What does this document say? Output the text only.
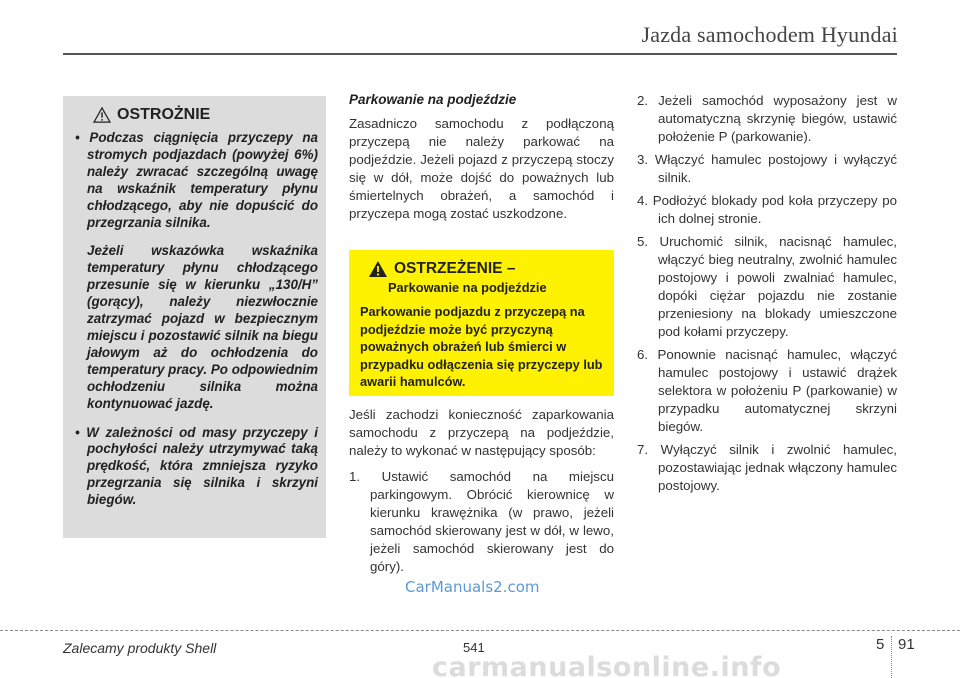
Jazda samochodem Hyundai
OSTROŻNIE

• Podczas ciągnięcia przyczepy na stromych podjazdach (powyżej 6%) należy zwracać szczególną uwagę na wskaźnik temperatury płynu chłodzącego, aby nie dopuścić do przegrzania silnika.

Jeżeli wskazówka wskaźnika temperatury płynu chłodzącego przesunie się w kierunku „130/H” (gorący), należy niezwłocznie zatrzymać pojazd w bezpiecznym miejscu i pozostawić silnik na biegu jałowym aż do ochłodzenia do temperatury pracy. Po odpowiednim ochłodzeniu silnika można kontynuować jazdę.

• W zależności od masy przyczepy i pochyłości należy utrzymywać taką prędkość, która zmniejsza ryzyko przegrzania się silnika i skrzyni biegów.

Parkowanie na podjeździe

Zasadniczo samochodu z podłączoną przyczepą nie należy parkować na podjeździe. Jeżeli pojazd z przyczepą stoczy się w dół, może dojść do poważnych lub śmiertelnych obrażeń, a samochód i przyczepa mogą zostać uszkodzone.

OSTRZEŻENIE –
Parkowanie na podjeździe

Parkowanie podjazdu z przyczepą na podjeździe może być przyczyną poważnych obrażeń lub śmierci w przypadku odłączenia się przyczepy lub awarii hamulców.

Jeśli zachodzi konieczność zaparkowania samochodu z przyczepą na podjeździe, należy to wykonać w następujący sposób:

1. Ustawić samochód na miejscu parkingowym. Obrócić kierownicę w kierunku krawężnika (w prawo, jeżeli samochód skierowany jest w dół, w lewo, jeżeli samochód skierowany jest do góry).
2. Jeżeli samochód wyposażony jest w automatyczną skrzynię biegów, ustawić położenie P (parkowanie).
3. Włączyć hamulec postojowy i wyłączyć silnik.
4. Podłożyć blokady pod koła przyczepy po ich dolnej stronie.
5. Uruchomić silnik, nacisnąć hamulec, włączyć bieg neutralny, zwolnić hamulec postojowy i powoli zwalniać hamulec, dopóki ciężar pojazdu nie zostanie przeniesiony na blokady umieszczone pod kołami przyczepy.
6. Ponownie nacisnąć hamulec, włączyć hamulec postojowy i ustawić drążek selektora w położeniu P (parkowanie) w przypadku automatycznej skrzyni biegów.
7. Wyłączyć silnik i zwolnić hamulec, pozostawiając jednak włączony hamulec postojowy.
CarManuals2.com
Zalecamy produkty Shell	541	5 91
carmanualsonline.info
